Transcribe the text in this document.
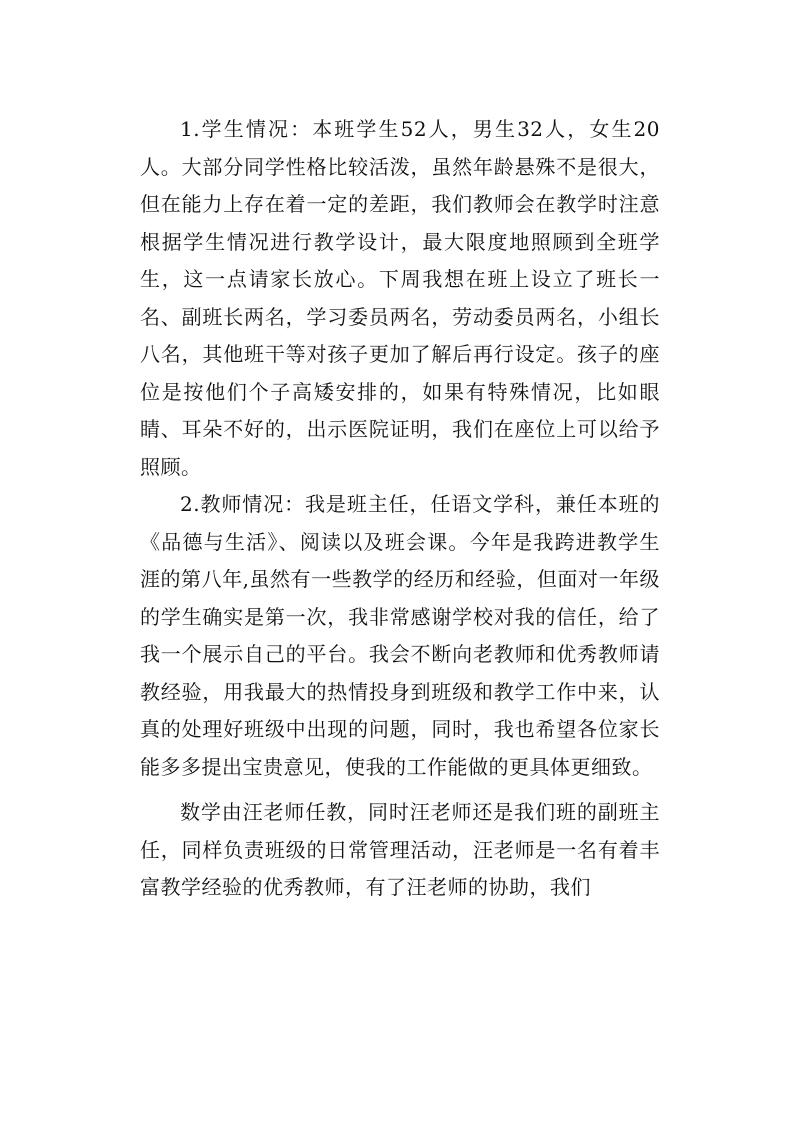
1.学生情况：本班学生52人，男生32人，女生20人。大部分同学性格比较活泼，虽然年龄悬殊不是很大，但在能力上存在着一定的差距，我们教师会在教学时注意根据学生情况进行教学设计，最大限度地照顾到全班学生，这一点请家长放心。下周我想在班上设立了班长一名、副班长两名，学习委员两名，劳动委员两名，小组长八名，其他班干等对孩子更加了解后再行设定。孩子的座位是按他们个子高矮安排的，如果有特殊情况，比如眼睛、耳朵不好的，出示医院证明，我们在座位上可以给予照顾。

2.教师情况：我是班主任，任语文学科，兼任本班的《品德与生活》、阅读以及班会课。今年是我跨进教学生涯的第八年,虽然有一些教学的经历和经验，但面对一年级的学生确实是第一次，我非常感谢学校对我的信任，给了我一个展示自己的平台。我会不断向老教师和优秀教师请教经验，用我最大的热情投身到班级和教学工作中来，认真的处理好班级中出现的问题，同时，我也希望各位家长能多多提出宝贵意见，使我的工作能做的更具体更细致。

数学由汪老师任教，同时汪老师还是我们班的副班主任，同样负责班级的日常管理活动，汪老师是一名有着丰富教学经验的优秀教师，有了汪老师的协助，我们
